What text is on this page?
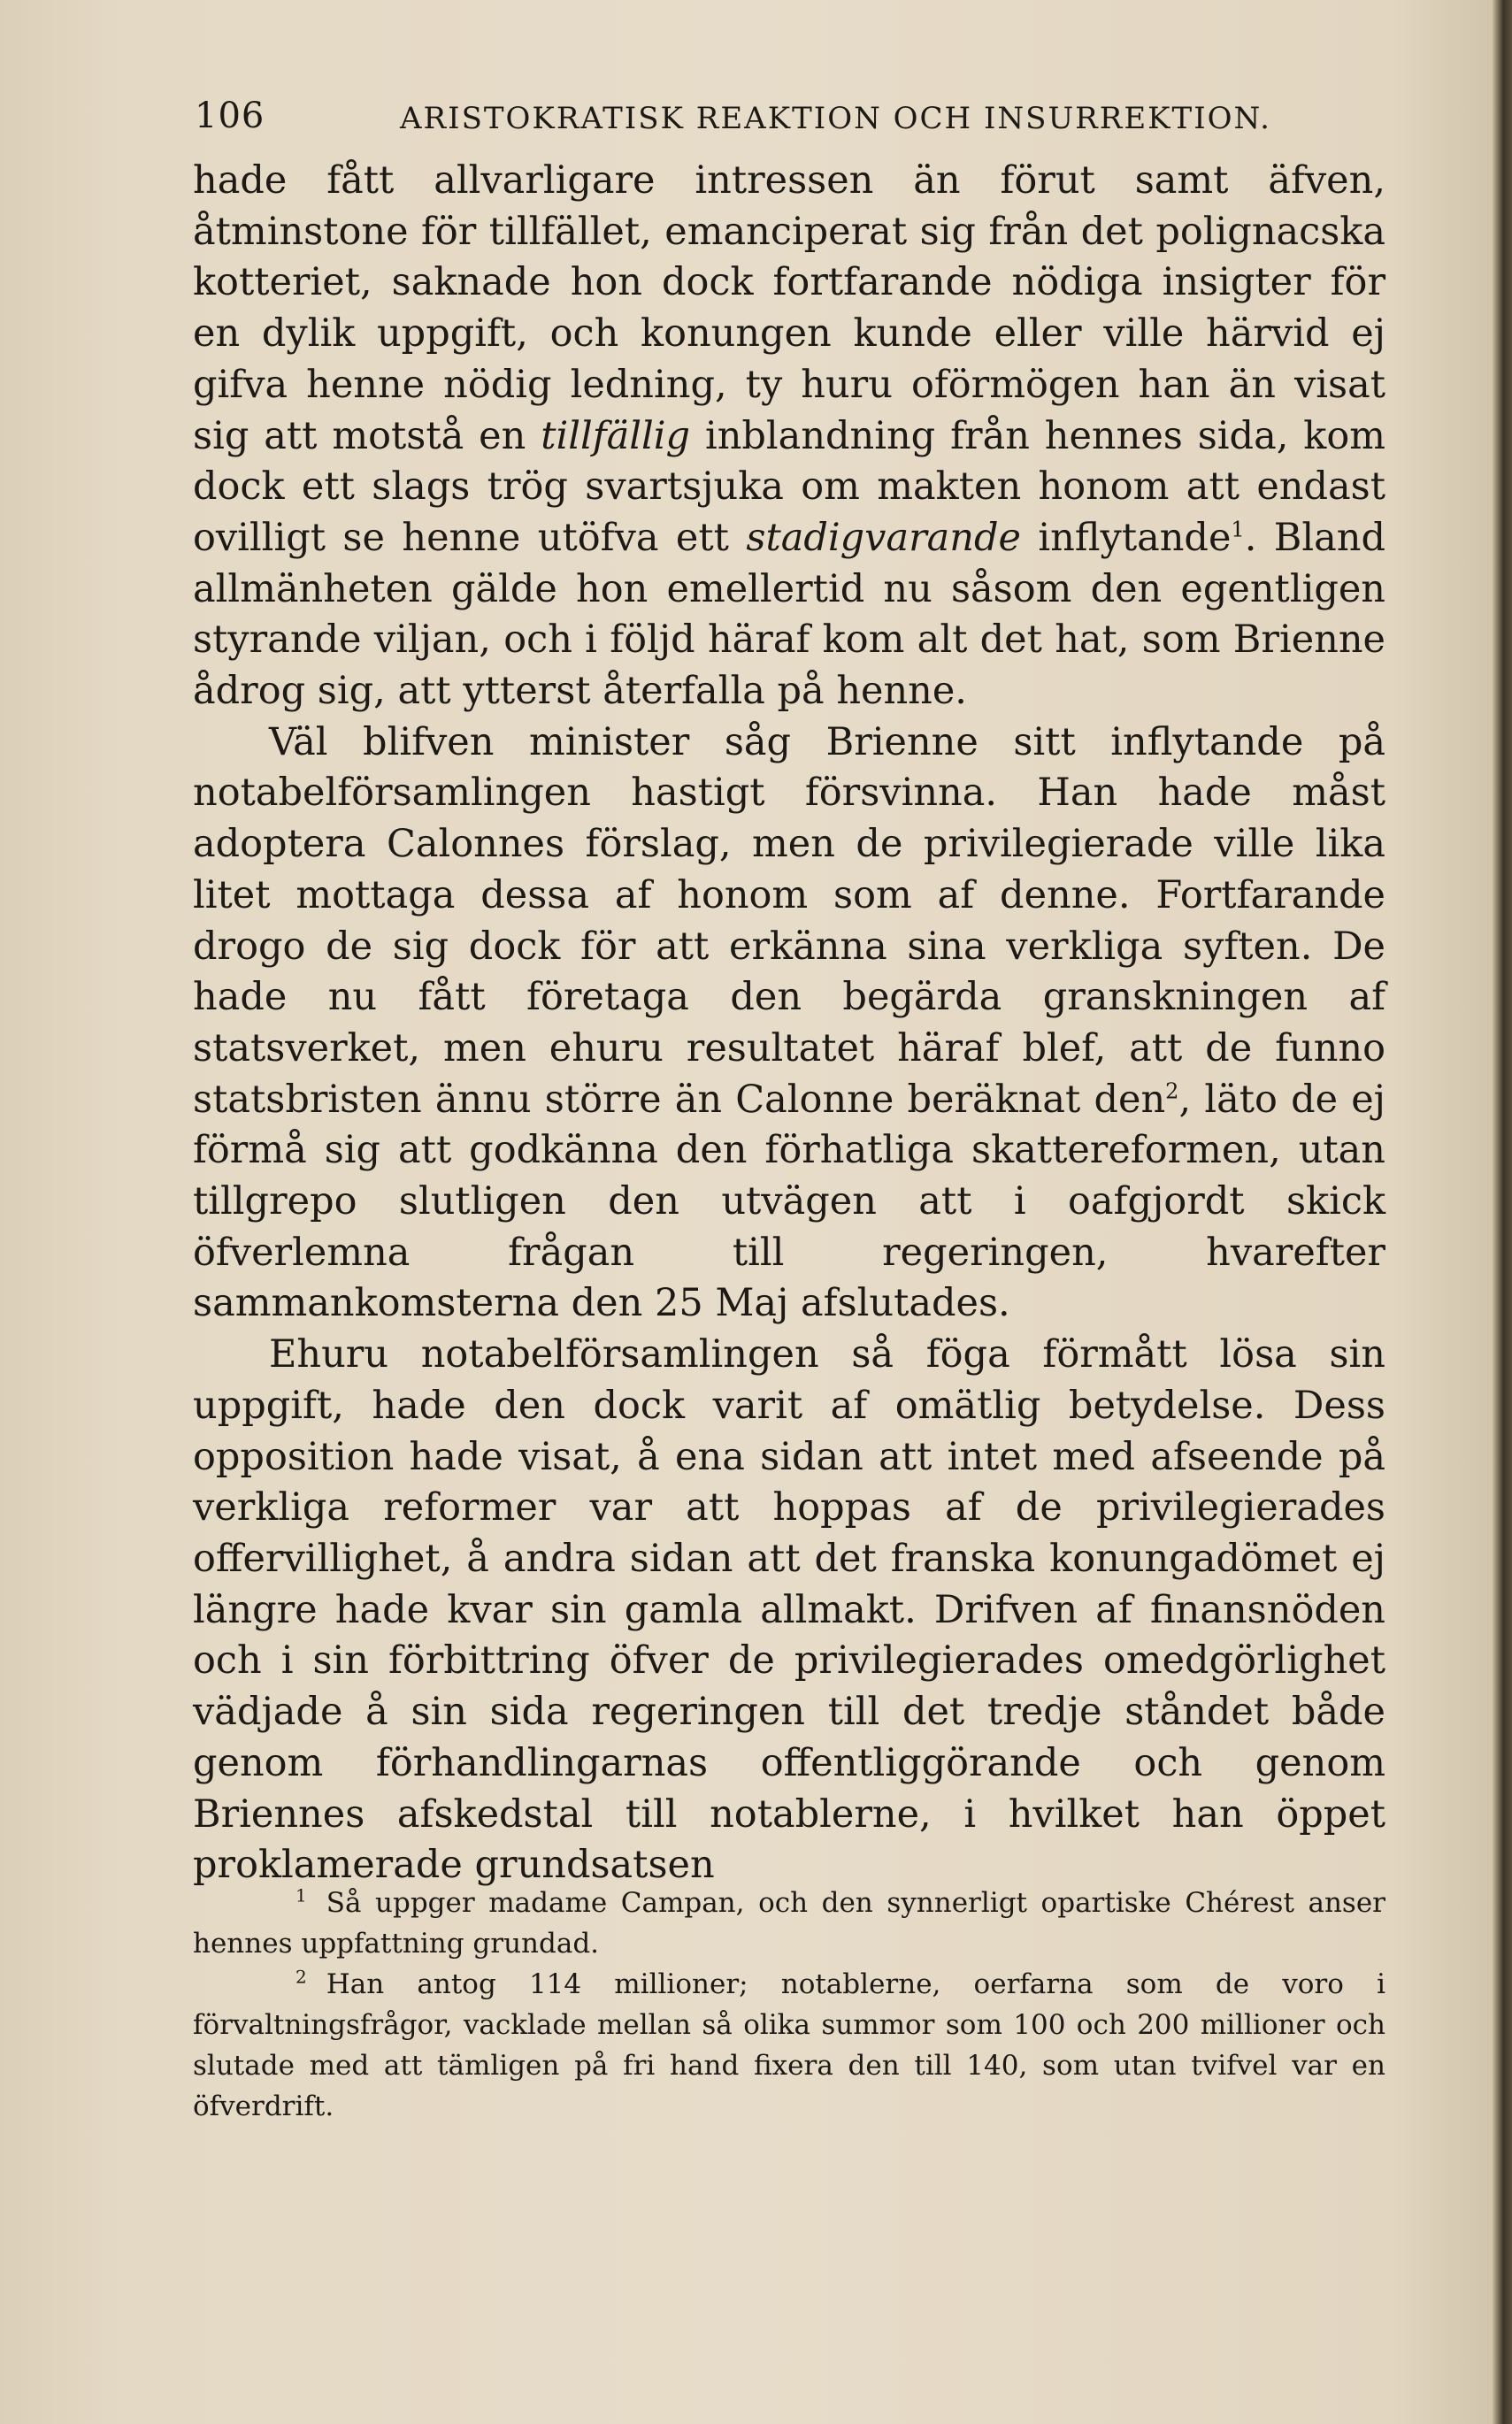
106	ARISTOKRATISK REAKTION OCH INSURREKTION.

hade fått allvarligare intressen än förut samt äfven, åtminstone för tillfället, emanciperat sig från det polignacska kotteriet, saknade hon dock fortfarande nödiga insigter för en dylik uppgift, och konungen kunde eller ville härvid ej gifva henne nödig ledning, ty huru oförmögen han än visat sig att motstå en tillfällig inblandning från hennes sida, kom dock ett slags trög svartsjuka om makten honom att endast ovilligt se henne utöfva ett stadigvarande inflytande$^1$. Bland allmänheten gälde hon emellertid nu såsom den egentligen styrande viljan, och i följd häraf kom alt det hat, som Brienne ådrog sig, att ytterst återfalla på henne.

Väl blifven minister såg Brienne sitt inflytande på notabelförsamlingen hastigt försvinna. Han hade måst adoptera Calonnes förslag, men de privilegierade ville lika litet mottaga dessa af honom som af denne. Fortfarande drogo de sig dock för att erkänna sina verkliga syften. De hade nu fått företaga den begärda granskningen af statsverket, men ehuru resultatet häraf blef, att de funno statsbristen ännu större än Calonne beräknat den$^2$, läto de ej förmå sig att godkänna den förhatliga skattereformen, utan tillgrepo slutligen den utvägen att i oafgjordt skick öfverlemna frågan till regeringen, hvarefter sammankomsterna den 25 Maj afslutades.

Ehuru notabelförsamlingen så föga förmått lösa sin uppgift, hade den dock varit af omätlig betydelse. Dess opposition hade visat, å ena sidan att intet med afseende på verkliga reformer var att hoppas af de privilegierades offervillighet, å andra sidan att det franska konungadömet ej längre hade kvar sin gamla allmakt. Drifven af finansnöden och i sin förbittring öfver de privilegierades omedgörlighet vädjade å sin sida regeringen till det tredje ståndet både genom förhandlingarnas offentliggörande och genom Briennes afskedstal till notablerne, i hvilket han öppet proklamerade grundsatsen

$^1$ Så uppger madame Campan, och den synnerligt opartiske Chérest anser hennes uppfattning grundad.

$^2$ Han antog 114 millioner; notablerne, oerfarna som de voro i förvaltningsfrågor, vacklade mellan så olika summor som 100 och 200 millioner och slutade med att tämligen på fri hand fixera den till 140, som utan tvifvel var en öfverdrift.
